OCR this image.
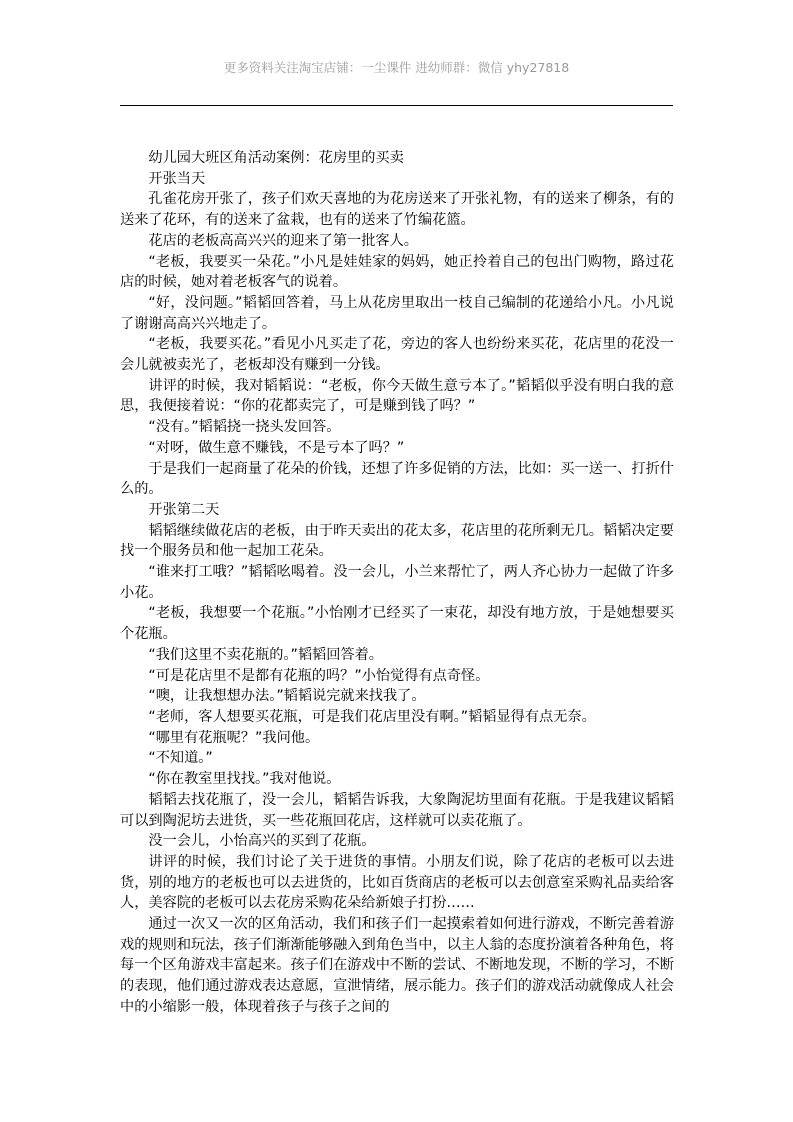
更多资料关注淘宝店铺：一尘课件 进幼师群：微信 yhy27818

幼儿园大班区角活动案例：花房里的买卖

开张当天

孔雀花房开张了，孩子们欢天喜地的为花房送来了开张礼物，有的送来了柳条，有的送来了花环，有的送来了盆栽，也有的送来了竹编花篮。

花店的老板高高兴兴的迎来了第一批客人。

“老板，我要买一朵花。”小凡是娃娃家的妈妈，她正拎着自己的包出门购物，路过花店的时候，她对着老板客气的说着。

“好，没问题。”韬韬回答着，马上从花房里取出一枝自己编制的花递给小凡。小凡说了谢谢高高兴兴地走了。

“老板，我要买花。”看见小凡买走了花，旁边的客人也纷纷来买花，花店里的花没一会儿就被卖光了，老板却没有赚到一分钱。

讲评的时候，我对韬韬说：“老板，你今天做生意亏本了。”韬韬似乎没有明白我的意思，我便接着说：“你的花都卖完了，可是赚到钱了吗？”

“没有。”韬韬挠一挠头发回答。

“对呀，做生意不赚钱，不是亏本了吗？”

于是我们一起商量了花朵的价钱，还想了许多促销的方法，比如：买一送一、打折什么的。

开张第二天

韬韬继续做花店的老板，由于昨天卖出的花太多，花店里的花所剩无几。韬韬决定要找一个服务员和他一起加工花朵。

“谁来打工哦？”韬韬吆喝着。没一会儿，小兰来帮忙了，两人齐心协力一起做了许多小花。

“老板，我想要一个花瓶。”小怡刚才已经买了一束花，却没有地方放，于是她想要买个花瓶。

“我们这里不卖花瓶的。”韬韬回答着。

“可是花店里不是都有花瓶的吗？”小怡觉得有点奇怪。

“噢，让我想想办法。”韬韬说完就来找我了。

“老师，客人想要买花瓶，可是我们花店里没有啊。”韬韬显得有点无奈。

“哪里有花瓶呢？”我问他。

“不知道。”

“你在教室里找找。”我对他说。

韬韬去找花瓶了，没一会儿，韬韬告诉我，大象陶泥坊里面有花瓶。于是我建议韬韬可以到陶泥坊去进货，买一些花瓶回花店，这样就可以卖花瓶了。

没一会儿，小怡高兴的买到了花瓶。

讲评的时候，我们讨论了关于进货的事情。小朋友们说，除了花店的老板可以去进货，别的地方的老板也可以去进货的，比如百货商店的老板可以去创意室采购礼品卖给客人，美容院的老板可以去花房采购花朵给新娘子打扮……

通过一次又一次的区角活动，我们和孩子们一起摸索着如何进行游戏，不断完善着游戏的规则和玩法，孩子们渐渐能够融入到角色当中，以主人翁的态度扮演着各种角色，将每一个区角游戏丰富起来。孩子们在游戏中不断的尝试、不断地发现，不断的学习，不断的表现，他们通过游戏表达意愿，宣泄情绪，展示能力。孩子们的游戏活动就像成人社会中的小缩影一般，体现着孩子与孩子之间的
